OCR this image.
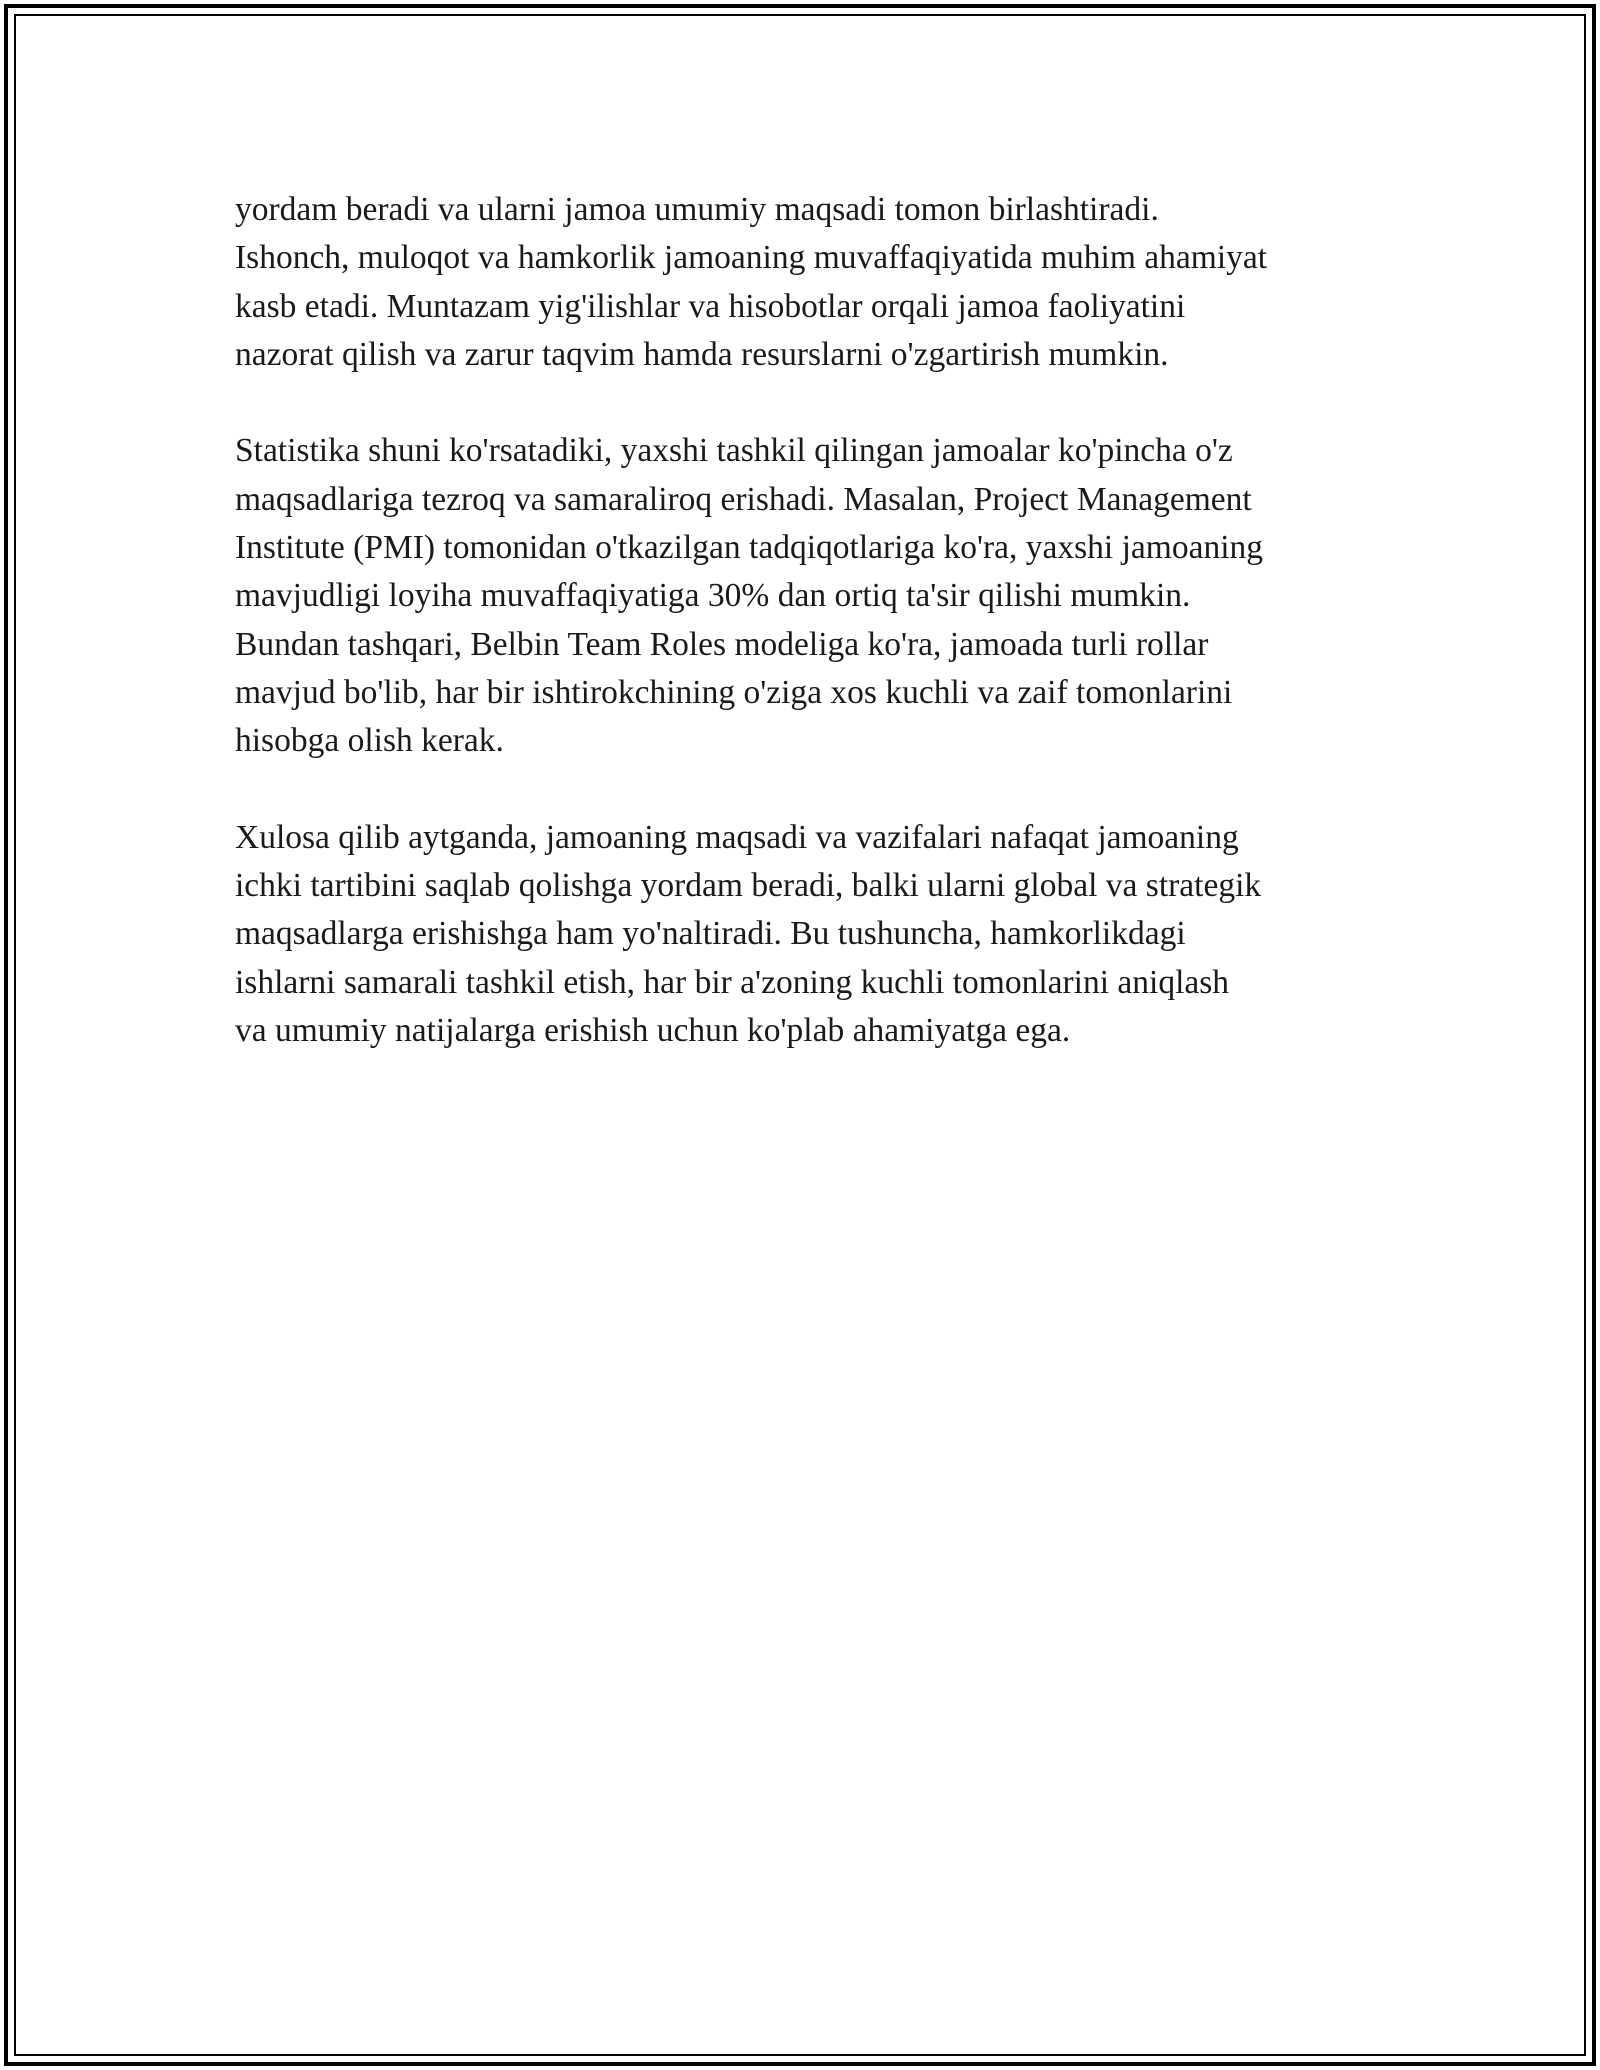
yordam beradi va ularni jamoa umumiy maqsadi tomon birlashtiradi.
Ishonch, muloqot va hamkorlik jamoaning muvaffaqiyatida muhim ahamiyat
kasb etadi. Muntazam yig'ilishlar va hisobotlar orqali jamoa faoliyatini
nazorat qilish va zarur taqvim hamda resurslarni o'zgartirish mumkin.

Statistika shuni ko'rsatadiki, yaxshi tashkil qilingan jamoalar ko'pincha o'z
maqsadlariga tezroq va samaraliroq erishadi. Masalan, Project Management
Institute (PMI) tomonidan o'tkazilgan tadqiqotlariga ko'ra, yaxshi jamoaning
mavjudligi loyiha muvaffaqiyatiga 30% dan ortiq ta'sir qilishi mumkin.
Bundan tashqari, Belbin Team Roles modeliga ko'ra, jamoada turli rollar
mavjud bo'lib, har bir ishtirokchining o'ziga xos kuchli va zaif tomonlarini
hisobga olish kerak.

Xulosa qilib aytganda, jamoaning maqsadi va vazifalari nafaqat jamoaning
ichki tartibini saqlab qolishga yordam beradi, balki ularni global va strategik
maqsadlarga erishishga ham yo'naltiradi. Bu tushuncha, hamkorlikdagi
ishlarni samarali tashkil etish, har bir a'zoning kuchli tomonlarini aniqlash
va umumiy natijalarga erishish uchun ko'plab ahamiyatga ega.
